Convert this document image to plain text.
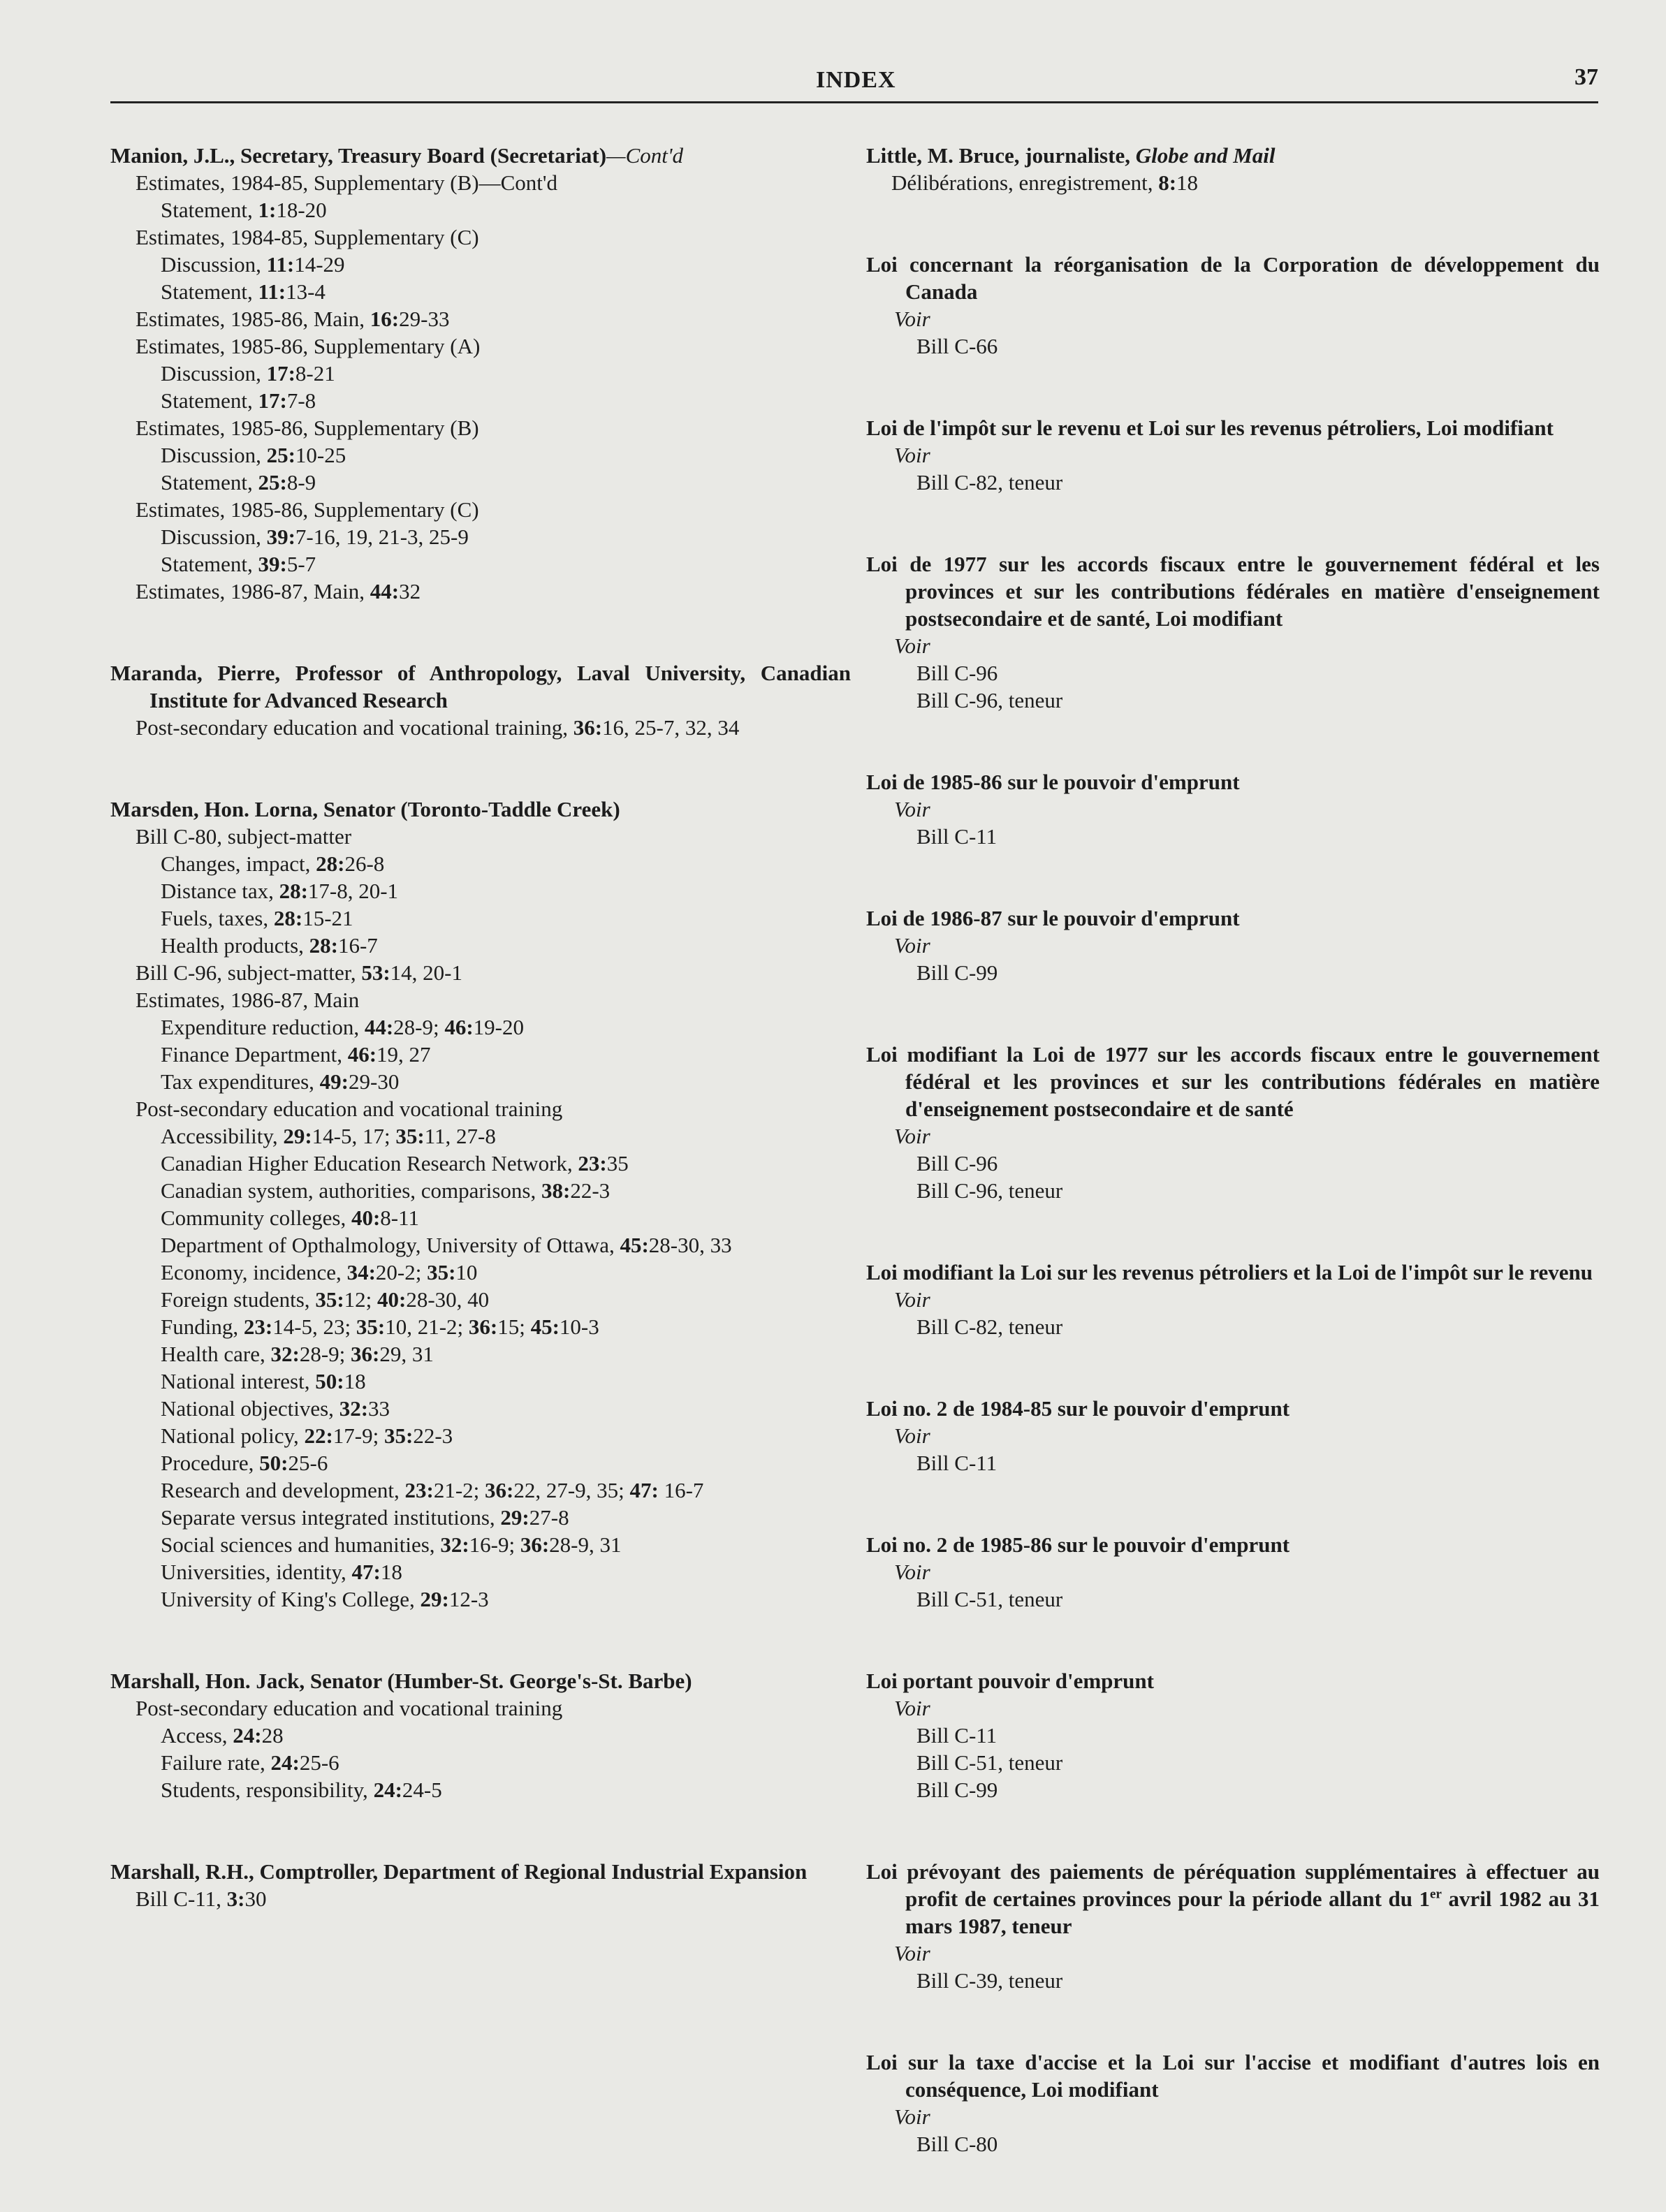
INDEX	37
Manion, J.L., Secretary, Treasury Board (Secretariat)—Cont'd
Estimates, 1984-85, Supplementary (B)—Cont'd
Statement, 1:18-20
Estimates, 1984-85, Supplementary (C)
Discussion, 11:14-29
Statement, 11:13-4
Estimates, 1985-86, Main, 16:29-33
Estimates, 1985-86, Supplementary (A)
Discussion, 17:8-21
Statement, 17:7-8
Estimates, 1985-86, Supplementary (B)
Discussion, 25:10-25
Statement, 25:8-9
Estimates, 1985-86, Supplementary (C)
Discussion, 39:7-16, 19, 21-3, 25-9
Statement, 39:5-7
Estimates, 1986-87, Main, 44:32
Maranda, Pierre, Professor of Anthropology, Laval University, Canadian Institute for Advanced Research
Post-secondary education and vocational training, 36:16, 25-7, 32, 34
Marsden, Hon. Lorna, Senator (Toronto-Taddle Creek)
Bill C-80, subject-matter
Changes, impact, 28:26-8
Distance tax, 28:17-8, 20-1
Fuels, taxes, 28:15-21
Health products, 28:16-7
Bill C-96, subject-matter, 53:14, 20-1
Estimates, 1986-87, Main
Expenditure reduction, 44:28-9; 46:19-20
Finance Department, 46:19, 27
Tax expenditures, 49:29-30
Post-secondary education and vocational training
Accessibility, 29:14-5, 17; 35:11, 27-8
Canadian Higher Education Research Network, 23:35
Canadian system, authorities, comparisons, 38:22-3
Community colleges, 40:8-11
Department of Opthalmology, University of Ottawa, 45:28-30, 33
Economy, incidence, 34:20-2; 35:10
Foreign students, 35:12; 40:28-30, 40
Funding, 23:14-5, 23; 35:10, 21-2; 36:15; 45:10-3
Health care, 32:28-9; 36:29, 31
National interest, 50:18
National objectives, 32:33
National policy, 22:17-9; 35:22-3
Procedure, 50:25-6
Research and development, 23:21-2; 36:22, 27-9, 35; 47: 16-7
Separate versus integrated institutions, 29:27-8
Social sciences and humanities, 32:16-9; 36:28-9, 31
Universities, identity, 47:18
University of King's College, 29:12-3
Marshall, Hon. Jack, Senator (Humber-St. George's-St. Barbe)
Post-secondary education and vocational training
Access, 24:28
Failure rate, 24:25-6
Students, responsibility, 24:24-5
Marshall, R.H., Comptroller, Department of Regional Industrial Expansion
Bill C-11, 3:30
Little, M. Bruce, journaliste, Globe and Mail
Délibérations, enregistrement, 8:18
Loi concernant la réorganisation de la Corporation de développement du Canada
Voir
Bill C-66
Loi de l'impôt sur le revenu et Loi sur les revenus pétroliers, Loi modifiant
Voir
Bill C-82, teneur
Loi de 1977 sur les accords fiscaux entre le gouvernement fédéral et les provinces et sur les contributions fédérales en matière d'enseignement postsecondaire et de santé, Loi modifiant
Voir
Bill C-96
Bill C-96, teneur
Loi de 1985-86 sur le pouvoir d'emprunt
Voir
Bill C-11
Loi de 1986-87 sur le pouvoir d'emprunt
Voir
Bill C-99
Loi modifiant la Loi de 1977 sur les accords fiscaux entre le gouvernement fédéral et les provinces et sur les contributions fédérales en matière d'enseignement postsecondaire et de santé
Voir
Bill C-96
Bill C-96, teneur
Loi modifiant la Loi sur les revenus pétroliers et la Loi de l'impôt sur le revenu
Voir
Bill C-82, teneur
Loi no. 2 de 1984-85 sur le pouvoir d'emprunt
Voir
Bill C-11
Loi no. 2 de 1985-86 sur le pouvoir d'emprunt
Voir
Bill C-51, teneur
Loi portant pouvoir d'emprunt
Voir
Bill C-11
Bill C-51, teneur
Bill C-99
Loi prévoyant des paiements de péréquation supplémentaires à effectuer au profit de certaines provinces pour la période allant du 1er avril 1982 au 31 mars 1987, teneur
Voir
Bill C-39, teneur
Loi sur la taxe d'accise et la Loi sur l'accise et modifiant d'autres lois en conséquence, Loi modifiant
Voir
Bill C-80
